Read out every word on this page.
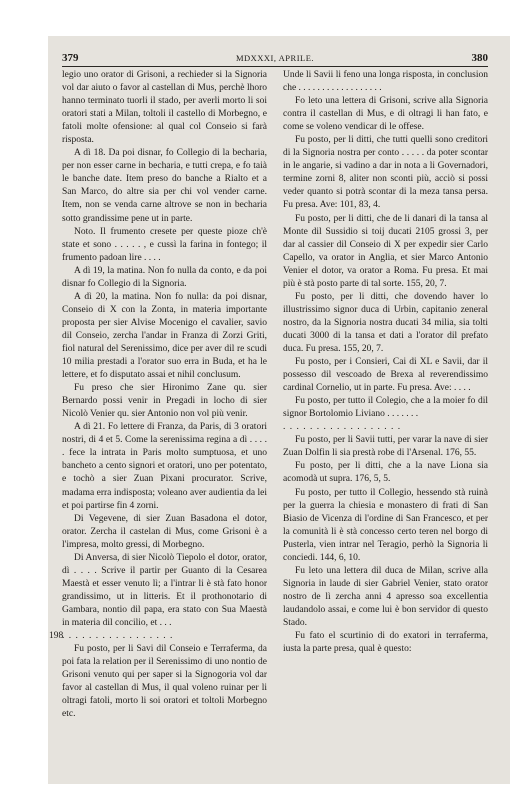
379	MDXXXI, APRILE.	380

legio uno orator di Grisoni, a rechieder si la Signoria vol dar aiuto o favor al castellan di Mus, perchè lhoro hanno terminato tuorli il stado, per averli morto li soi oratori stati a Milan, toltoli il castello di Morbegno, e fatoli molte ofensione: al qual col Conseio si farà risposta.

A dì 18. Da poi disnar, fo Collegio di la becharia, per non esser carne in becharia, e tutti crepa, e fo taià le banche date. Item preso do banche a Rialto et a San Marco, do altre sia per chi vol vender carne. Item, non se venda carne altrove se non in becharia sotto grandissime pene ut in parte.

Noto. Il frumento cresete per queste pioze ch'è state et sono . . . . . , e cussì la farina in fontego; il frumento padoan lire . . . .

A dì 19, la matina. Non fo nulla da conto, e da poi disnar fo Collegio di la Signoria.

A dì 20, la matina. Non fo nulla: da poi disnar, Conseio di X con la Zonta, in materia importante proposta per sier Alvise Mocenigo el cavalier, savio dil Conseio, zercha l'andar in Franza di Zorzi Griti, fiol natural del Serenissimo, dice per aver dil re scudi 10 milia prestadi a l'orator suo erra in Buda, et ha le lettere, et fo disputato assai et nihil conclusum.

Fu preso che sier Hironimo Zane qu. sier Bernardo possi venir in Pregadi in locho di sier Nicolò Venier qu. sier Antonio non vol più venir.

A dì 21. Fo lettere di Franza, da Paris, di 3 oratori nostri, di 4 et 5. Come la serenissima regina a dì . . . . . fece la intrata in Paris molto sumptuosa, et uno bancheto a cento signori et oratori, uno per potentato, e tochò a sier Zuan Pixani procurator. Scrive, madama erra indisposta; voleano aver audientia da lei et poi partirse fin 4 zorni.

Di Vegevene, di sier Zuan Basadona el dotor, orator. Zercha il castelan di Mus, come Grisoni è a l'impresa, molto gressi, di Morbegno.

Di Anversa, di sier Nicolò Tiepolo el dotor, orator, dì . . . . Scrive il partir per Guanto di la Cesarea Maestà et esser venuto lì; a l'intrar li è stà fato honor grandissimo, ut in litteris. Et il prothonotario di Gambara, nontio dil papa, era stato con Sua Maestà in materia dil concilio, et . . .

. . . . . . . . . . . . . . . . .

Fu posto, per li Savi dil Conseio e Terraferma, da poi fata la relation per il Serenissimo di uno nontio de Grisoni venuto qui per saper si la Signogoria vol dar favor al castellan di Mus, il qual voleno ruinar per li oltragi fatoli, morto li soi oratori et toltoli Morbegno etc.

198

Unde li Savii li feno una longa risposta, in conclusion che . . . . . . . . . . . . . . . . . .

Fo leto una lettera di Grisoni, scrive alla Signoria contra il castellan di Mus, e di oltragi li han fato, e come se voleno vendicar di le offese.

Fu posto, per li ditti, che tutti quelli sono creditori di la Signoria nostra per conto . . . . . da poter scontar in le angarie, si vadino a dar in nota a li Governadori, termine zorni 8, aliter non sconti più, acciò si possi veder quanto si potrà scontar di la meza tansa persa. Fu presa. Ave: 101, 83, 4.

Fu posto, per li ditti, che de li danari di la tansa al Monte dil Sussidio si toij ducati 2105 grossi 3, per dar al cassier dil Conseio di X per expedir sier Carlo Capello, va orator in Anglia, et sier Marco Antonio Venier el dotor, va orator a Roma. Fu presa. Et mai più è stà posto parte di tal sorte. 155, 20, 7.

Fu posto, per li ditti, che dovendo haver lo illustrissimo signor duca di Urbin, capitanio zeneral nostro, da la Signoria nostra ducati 34 milia, sia tolti ducati 3000 di la tansa et dati a l'orator dil prefato duca. Fu presa. 155, 20, 7.

Fu posto, per i Consieri, Cai di XL e Savii, dar il possesso dil vescoado de Brexa al reverendissimo cardinal Cornelio, ut in parte. Fu presa. Ave: . . . .

Fu posto, per tutto il Colegio, che a la moier fo dil signor Bortolomio Liviano . . . . . . .

. . . . . . . . . . . . . . . . . .

Fu posto, per li Savii tutti, per varar la nave di sier Zuan Dolfin li sia prestà robe di l'Arsenal. 176, 55.

Fu posto, per li ditti, che a la nave Liona sia acomodà ut supra. 176, 5, 5.

Fu posto, per tutto il Collegio, hessendo stà ruinà per la guerra la chiesia e monastero di frati di San Biasio de Vicenza di l'ordine di San Francesco, et per la comunità li è stà concesso certo teren nel borgo di Pusterla, vien intrar nel Teragio, perhò la Signoria li conciedi. 144, 6, 10.

Fu leto una lettera dil duca de Milan, scrive alla Signoria in laude di sier Gabriel Venier, stato orator nostro de lì zercha anni 4 apresso soa excellentia laudandolo assai, e come lui è bon servidor di questo Stado.

Fu fato el scurtinio di do exatori in terraferma, iusta la parte presa, qual è questo:
